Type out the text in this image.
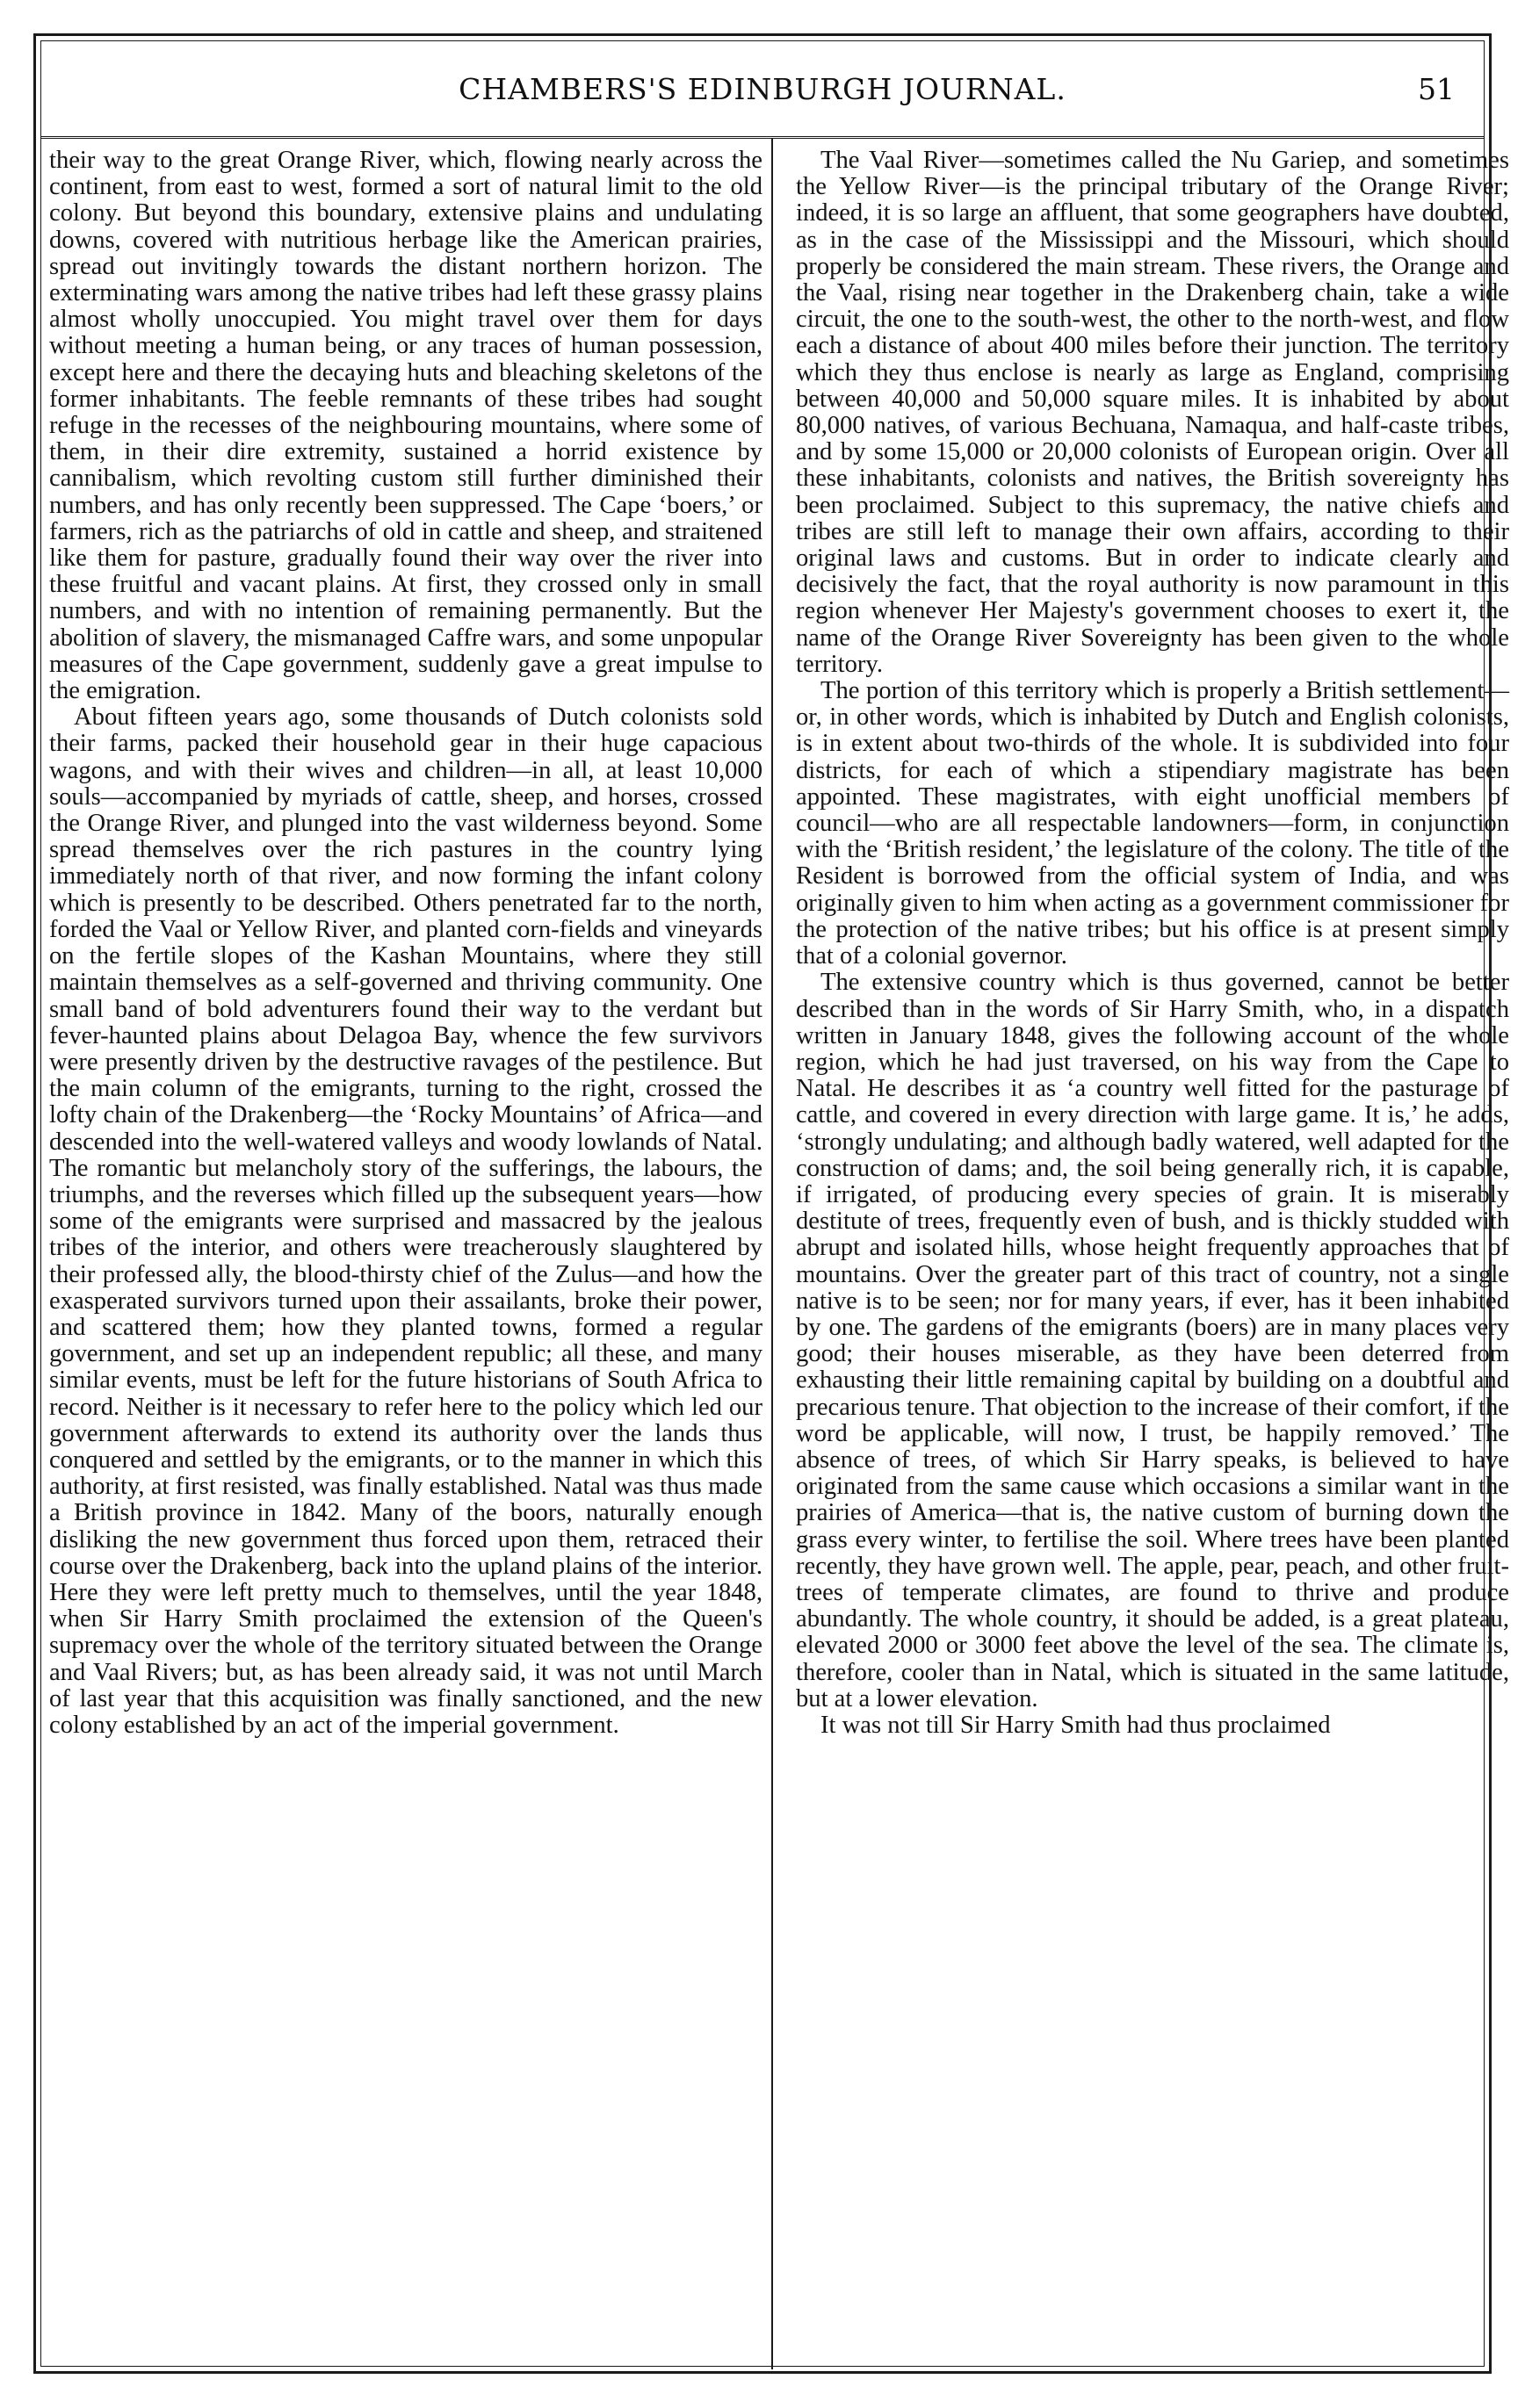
CHAMBERS'S EDINBURGH JOURNAL.	51

their way to the great Orange River, which, flowing nearly across the continent, from east to west, formed a sort of natural limit to the old colony. But beyond this boundary, extensive plains and undulating downs, covered with nutritious herbage like the American prairies, spread out invitingly towards the distant northern horizon. The exterminating wars among the native tribes had left these grassy plains almost wholly unoccupied. You might travel over them for days without meeting a human being, or any traces of human possession, except here and there the decaying huts and bleaching skeletons of the former inhabitants. The feeble remnants of these tribes had sought refuge in the recesses of the neighbouring mountains, where some of them, in their dire extremity, sustained a horrid existence by cannibalism, which revolting custom still further diminished their numbers, and has only recently been suppressed. The Cape ‘boers,’ or farmers, rich as the patriarchs of old in cattle and sheep, and straitened like them for pasture, gradually found their way over the river into these fruitful and vacant plains. At first, they crossed only in small numbers, and with no intention of remaining permanently. But the abolition of slavery, the mismanaged Caffre wars, and some unpopular measures of the Cape government, suddenly gave a great impulse to the emigration.

About fifteen years ago, some thousands of Dutch colonists sold their farms, packed their household gear in their huge capacious wagons, and with their wives and children—in all, at least 10,000 souls—accompanied by myriads of cattle, sheep, and horses, crossed the Orange River, and plunged into the vast wilderness beyond. Some spread themselves over the rich pastures in the country lying immediately north of that river, and now forming the infant colony which is presently to be described. Others penetrated far to the north, forded the Vaal or Yellow River, and planted corn-fields and vineyards on the fertile slopes of the Kashan Mountains, where they still maintain themselves as a self-governed and thriving community. One small band of bold adventurers found their way to the verdant but fever-haunted plains about Delagoa Bay, whence the few survivors were presently driven by the destructive ravages of the pestilence. But the main column of the emigrants, turning to the right, crossed the lofty chain of the Drakenberg—the ‘Rocky Mountains’ of Africa—and descended into the well-watered valleys and woody lowlands of Natal. The romantic but melancholy story of the sufferings, the labours, the triumphs, and the reverses which filled up the subsequent years—how some of the emigrants were surprised and massacred by the jealous tribes of the interior, and others were treacherously slaughtered by their professed ally, the blood-thirsty chief of the Zulus—and how the exasperated survivors turned upon their assailants, broke their power, and scattered them; how they planted towns, formed a regular government, and set up an independent republic; all these, and many similar events, must be left for the future historians of South Africa to record. Neither is it necessary to refer here to the policy which led our government afterwards to extend its authority over the lands thus conquered and settled by the emigrants, or to the manner in which this authority, at first resisted, was finally established. Natal was thus made a British province in 1842. Many of the boors, naturally enough disliking the new government thus forced upon them, retraced their course over the Drakenberg, back into the upland plains of the interior. Here they were left pretty much to themselves, until the year 1848, when Sir Harry Smith proclaimed the extension of the Queen's supremacy over the whole of the territory situated between the Orange and Vaal Rivers; but, as has been already said, it was not until March of last year that this acquisition was finally sanctioned, and the new colony established by an act of the imperial government.

The Vaal River—sometimes called the Nu Gariep, and sometimes the Yellow River—is the principal tributary of the Orange River; indeed, it is so large an affluent, that some geographers have doubted, as in the case of the Mississippi and the Missouri, which should properly be considered the main stream. These rivers, the Orange and the Vaal, rising near together in the Drakenberg chain, take a wide circuit, the one to the south-west, the other to the north-west, and flow each a distance of about 400 miles before their junction. The territory which they thus enclose is nearly as large as England, comprising between 40,000 and 50,000 square miles. It is inhabited by about 80,000 natives, of various Bechuana, Namaqua, and half-caste tribes, and by some 15,000 or 20,000 colonists of European origin. Over all these inhabitants, colonists and natives, the British sovereignty has been proclaimed. Subject to this supremacy, the native chiefs and tribes are still left to manage their own affairs, according to their original laws and customs. But in order to indicate clearly and decisively the fact, that the royal authority is now paramount in this region whenever Her Majesty's government chooses to exert it, the name of the Orange River Sovereignty has been given to the whole territory.

The portion of this territory which is properly a British settlement—or, in other words, which is inhabited by Dutch and English colonists, is in extent about two-thirds of the whole. It is subdivided into four districts, for each of which a stipendiary magistrate has been appointed. These magistrates, with eight unofficial members of council—who are all respectable landowners—form, in conjunction with the ‘British resident,’ the legislature of the colony. The title of the Resident is borrowed from the official system of India, and was originally given to him when acting as a government commissioner for the protection of the native tribes; but his office is at present simply that of a colonial governor.

The extensive country which is thus governed, cannot be better described than in the words of Sir Harry Smith, who, in a dispatch written in January 1848, gives the following account of the whole region, which he had just traversed, on his way from the Cape to Natal. He describes it as ‘a country well fitted for the pasturage of cattle, and covered in every direction with large game. It is,’ he adds, ‘strongly undulating; and although badly watered, well adapted for the construction of dams; and, the soil being generally rich, it is capable, if irrigated, of producing every species of grain. It is miserably destitute of trees, frequently even of bush, and is thickly studded with abrupt and isolated hills, whose height frequently approaches that of mountains. Over the greater part of this tract of country, not a single native is to be seen; nor for many years, if ever, has it been inhabited by one. The gardens of the emigrants (boers) are in many places very good; their houses miserable, as they have been deterred from exhausting their little remaining capital by building on a doubtful and precarious tenure. That objection to the increase of their comfort, if the word be applicable, will now, I trust, be happily removed.’ The absence of trees, of which Sir Harry speaks, is believed to have originated from the same cause which occasions a similar want in the prairies of America—that is, the native custom of burning down the grass every winter, to fertilise the soil. Where trees have been planted recently, they have grown well. The apple, pear, peach, and other fruit-trees of temperate climates, are found to thrive and produce abundantly. The whole country, it should be added, is a great plateau, elevated 2000 or 3000 feet above the level of the sea. The climate is, therefore, cooler than in Natal, which is situated in the same latitude, but at a lower elevation.

It was not till Sir Harry Smith had thus proclaimed
